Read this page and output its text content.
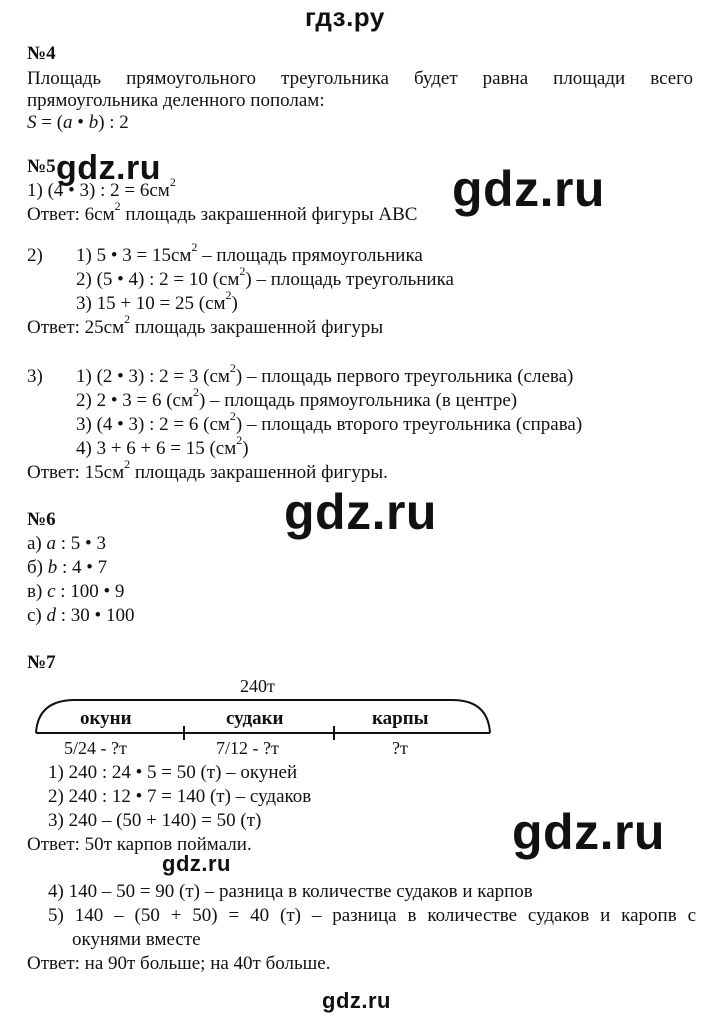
гдз.ру
gdz.ru	gdz.ru
gdz.ru
gdz.ru
gdz.ru
gdz.ru
№4
Площадь прямоугольного треугольника будет равна площади всего
прямоугольника деленного пополам:
S = (a • b) : 2
№5
1) (4 • 3) : $2 = 6см^2$
Ответ: $6см^2$ площадь закрашенной фигуры ABC
2) 1) 5 • $3 = 15см^2$ – площадь прямоугольника
2) (5 • 4) : 2 = 10 $(см^2)$ – площадь треугольника
3) 15 + 10 = 25 $(см^2)$
Ответ: $25см^2$ площадь закрашенной фигуры
3) 1) (2 • 3) : 2 = 3 $(см^2)$ – площадь первого треугольника (слева)
2) 2 • 3 = 6 $(см^2)$ – площадь прямоугольника (в центре)
3) (4 • 3) : 2 = 6 $(см^2)$ – площадь второго треугольника (справа)
4) 3 + 6 + 6 = 15 $(см^2)$
Ответ: $15см^2$ площадь закрашенной фигуры.
№6
а) a : 5 • 3
б) b : 4 • 7
в) c : 100 • 9
с) d : 30 • 100
№7
240т
окуни	судаки	карпы
5/24 - ?т	7/12 - ?т	?т
1) 240 : 24 • 5 = 50 (т) – окуней
2) 240 : 12 • 7 = 140 (т) – судаков
3) 240 – (50 + 140) = 50 (т)
Ответ: 50т карпов поймали.
4) 140 – 50 = 90 (т) – разница в количестве судаков и карпов
5) 140 – (50 + 50) = 40 (т) – разница в количестве судаков и каропв с
окунями вместе
Ответ: на 90т больше; на 40т больше.
